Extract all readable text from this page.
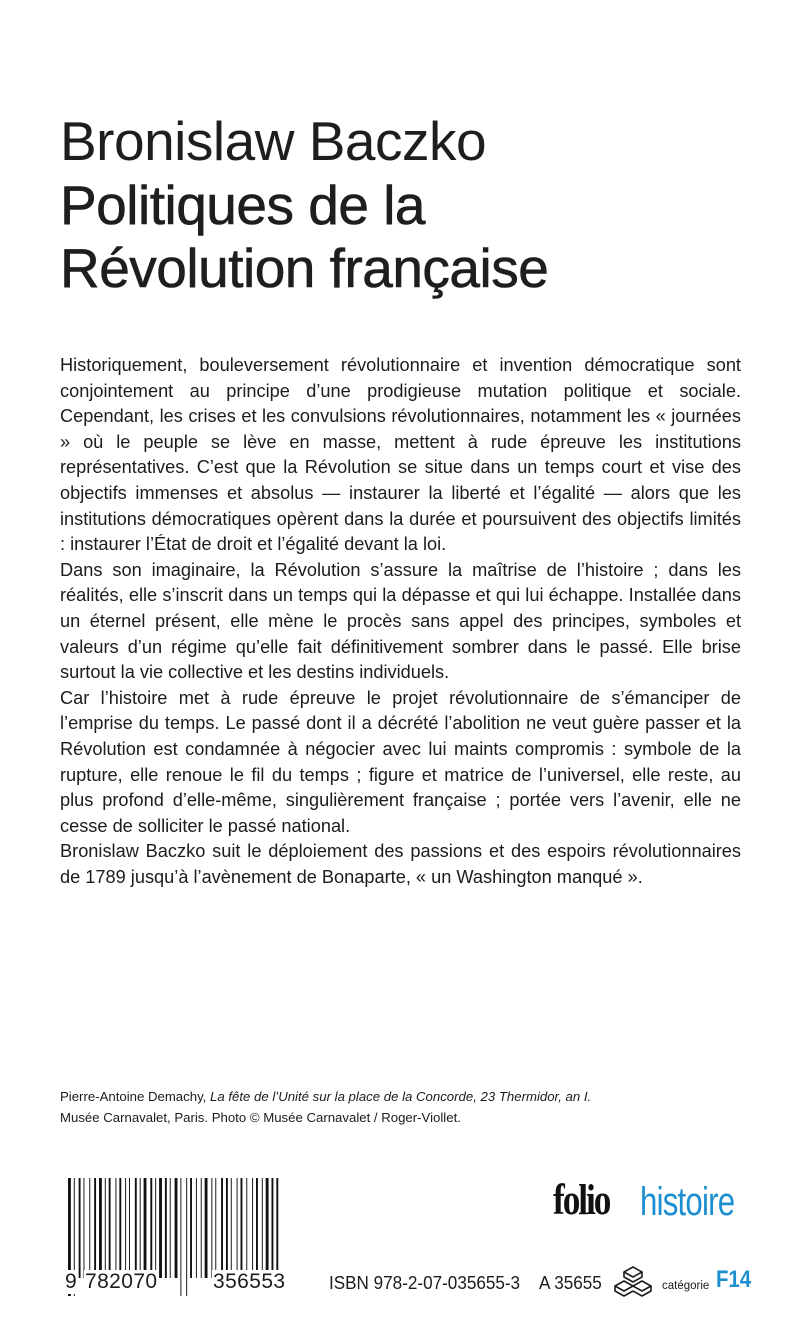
Bronislaw Baczko
Politiques de la
Révolution française

Historiquement, bouleversement révolutionnaire et invention démocratique sont conjointement au principe d’une prodigieuse mutation politique et sociale. Cependant, les crises et les convulsions révolutionnaires, notamment les « journées » où le peuple se lève en masse, mettent à rude épreuve les institutions représentatives. C’est que la Révolution se situe dans un temps court et vise des objectifs immenses et absolus — instaurer la liberté et l’égalité — alors que les institutions démocratiques opèrent dans la durée et poursuivent des objectifs limités : instaurer l’État de droit et l’égalité devant la loi.

Dans son imaginaire, la Révolution s’assure la maîtrise de l’histoire ; dans les réalités, elle s’inscrit dans un temps qui la dépasse et qui lui échappe. Installée dans un éternel présent, elle mène le procès sans appel des principes, symboles et valeurs d’un régime qu’elle fait définitivement sombrer dans le passé. Elle brise surtout la vie collective et les destins individuels.

Car l’histoire met à rude épreuve le projet révolutionnaire de s’émanciper de l’emprise du temps. Le passé dont il a décrété l’abolition ne veut guère passer et la Révolution est condamnée à négocier avec lui maints compromis : symbole de la rupture, elle renoue le fil du temps ; figure et matrice de l’universel, elle reste, au plus profond d’elle-même, singulièrement française ; portée vers l’avenir, elle ne cesse de solliciter le passé national.

Bronislaw Baczko suit le déploiement des passions et des espoirs révolutionnaires de 1789 jusqu’à l’avènement de Bonaparte, « un Washington manqué ».

Pierre-Antoine Demachy, La fête de l’Unité sur la place de la Concorde, 23 Thermidor, an I.
Musée Carnavalet, Paris. Photo © Musée Carnavalet / Roger-Viollet.
9 782070	356553 ISBN 978-2-07-035655-3 A 35655	catégorie F14
folio histoire
